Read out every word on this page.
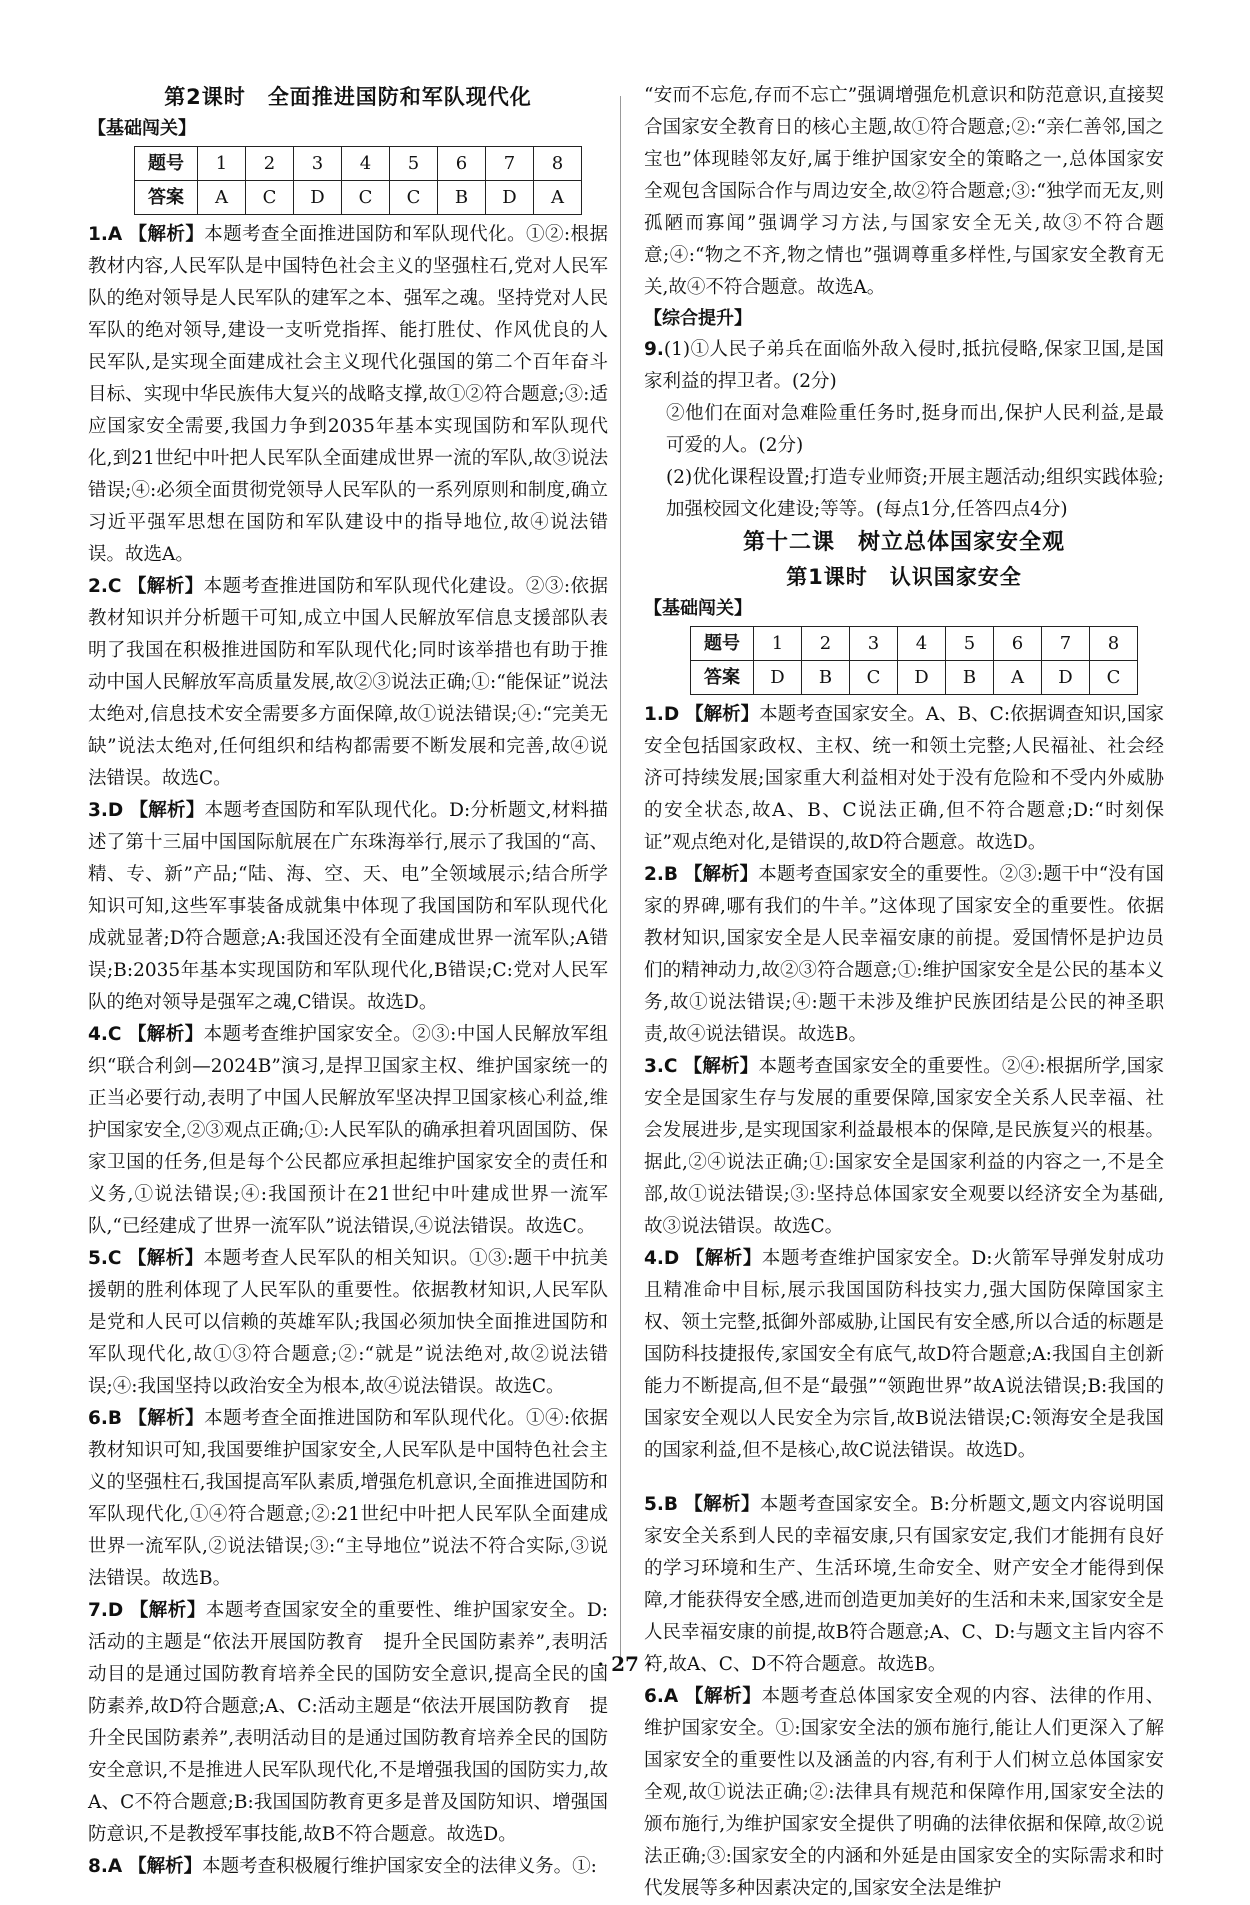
第2课时　全面推进国防和军队现代化

【基础闯关】

题号	1	2	3	4	5	6	7	8
答案	A	C	D	C	C	B	D	A

1.A 【解析】本题考查全面推进国防和军队现代化。①②:根据教材内容,人民军队是中国特色社会主义的坚强柱石,党对人民军队的绝对领导是人民军队的建军之本、强军之魂。坚持党对人民军队的绝对领导,建设一支听党指挥、能打胜仗、作风优良的人民军队,是实现全面建成社会主义现代化强国的第二个百年奋斗目标、实现中华民族伟大复兴的战略支撑,故①②符合题意;③:适应国家安全需要,我国力争到2035年基本实现国防和军队现代化,到21世纪中叶把人民军队全面建成世界一流的军队,故③说法错误;④:必须全面贯彻党领导人民军队的一系列原则和制度,确立习近平强军思想在国防和军队建设中的指导地位,故④说法错误。故选A。

2.C 【解析】本题考查推进国防和军队现代化建设。②③:依据教材知识并分析题干可知,成立中国人民解放军信息支援部队表明了我国在积极推进国防和军队现代化;同时该举措也有助于推动中国人民解放军高质量发展,故②③说法正确;①:“能保证”说法太绝对,信息技术安全需要多方面保障,故①说法错误;④:“完美无缺”说法太绝对,任何组织和结构都需要不断发展和完善,故④说法错误。故选C。

3.D 【解析】本题考查国防和军队现代化。D:分析题文,材料描述了第十三届中国国际航展在广东珠海举行,展示了我国的“高、精、专、新”产品;“陆、海、空、天、电”全领域展示;结合所学知识可知,这些军事装备成就集中体现了我国国防和军队现代化成就显著;D符合题意;A:我国还没有全面建成世界一流军队;A错误;B:2035年基本实现国防和军队现代化,B错误;C:党对人民军队的绝对领导是强军之魂,C错误。故选D。

4.C 【解析】本题考查维护国家安全。②③:中国人民解放军组织“联合利剑—2024B”演习,是捍卫国家主权、维护国家统一的正当必要行动,表明了中国人民解放军坚决捍卫国家核心利益,维护国家安全,②③观点正确;①:人民军队的确承担着巩固国防、保家卫国的任务,但是每个公民都应承担起维护国家安全的责任和义务,①说法错误;④:我国预计在21世纪中叶建成世界一流军队,“已经建成了世界一流军队”说法错误,④说法错误。故选C。

5.C 【解析】本题考查人民军队的相关知识。①③:题干中抗美援朝的胜利体现了人民军队的重要性。依据教材知识,人民军队是党和人民可以信赖的英雄军队;我国必须加快全面推进国防和军队现代化,故①③符合题意;②:“就是”说法绝对,故②说法错误;④:我国坚持以政治安全为根本,故④说法错误。故选C。

6.B 【解析】本题考查全面推进国防和军队现代化。①④:依据教材知识可知,我国要维护国家安全,人民军队是中国特色社会主义的坚强柱石,我国提高军队素质,增强危机意识,全面推进国防和军队现代化,①④符合题意;②:21世纪中叶把人民军队全面建成世界一流军队,②说法错误;③:“主导地位”说法不符合实际,③说法错误。故选B。

7.D 【解析】本题考查国家安全的重要性、维护国家安全。D:活动的主题是“依法开展国防教育　提升全民国防素养”,表明活动目的是通过国防教育培养全民的国防安全意识,提高全民的国防素养,故D符合题意;A、C:活动主题是“依法开展国防教育　提升全民国防素养”,表明活动目的是通过国防教育培养全民的国防安全意识,不是推进人民军队现代化,不是增强我国的国防实力,故A、C不符合题意;B:我国国防教育更多是普及国防知识、增强国防意识,不是教授军事技能,故B不符合题意。故选D。

8.A 【解析】本题考查积极履行维护国家安全的法律义务。①:

“安而不忘危,存而不忘亡”强调增强危机意识和防范意识,直接契合国家安全教育日的核心主题,故①符合题意;②:“亲仁善邻,国之宝也”体现睦邻友好,属于维护国家安全的策略之一,总体国家安全观包含国际合作与周边安全,故②符合题意;③:“独学而无友,则孤陋而寡闻”强调学习方法,与国家安全无关,故③不符合题意;④:“物之不齐,物之情也”强调尊重多样性,与国家安全教育无关,故④不符合题意。故选A。

【综合提升】

9.(1)①人民子弟兵在面临外敌入侵时,抵抗侵略,保家卫国,是国家利益的捍卫者。(2分)

②他们在面对急难险重任务时,挺身而出,保护人民利益,是最可爱的人。(2分)

(2)优化课程设置;打造专业师资;开展主题活动;组织实践体验;加强校园文化建设;等等。(每点1分,任答四点4分)

第十二课　树立总体国家安全观

第1课时　认识国家安全

【基础闯关】

题号	1	2	3	4	5	6	7	8
答案	D	B	C	D	B	A	D	C

1.D 【解析】本题考查国家安全。A、B、C:依据调查知识,国家安全包括国家政权、主权、统一和领土完整;人民福祉、社会经济可持续发展;国家重大利益相对处于没有危险和不受内外威胁的安全状态,故A、B、C说法正确,但不符合题意;D:“时刻保证”观点绝对化,是错误的,故D符合题意。故选D。

2.B 【解析】本题考查国家安全的重要性。②③:题干中“没有国家的界碑,哪有我们的牛羊。”这体现了国家安全的重要性。依据教材知识,国家安全是人民幸福安康的前提。爱国情怀是护边员们的精神动力,故②③符合题意;①:维护国家安全是公民的基本义务,故①说法错误;④:题干未涉及维护民族团结是公民的神圣职责,故④说法错误。故选B。

3.C 【解析】本题考查国家安全的重要性。②④:根据所学,国家安全是国家生存与发展的重要保障,国家安全关系人民幸福、社会发展进步,是实现国家利益最根本的保障,是民族复兴的根基。据此,②④说法正确;①:国家安全是国家利益的内容之一,不是全部,故①说法错误;③:坚持总体国家安全观要以经济安全为基础,故③说法错误。故选C。

4.D 【解析】本题考查维护国家安全。D:火箭军导弹发射成功且精准命中目标,展示我国国防科技实力,强大国防保障国家主权、领土完整,抵御外部威胁,让国民有安全感,所以合适的标题是国防科技捷报传,家国安全有底气,故D符合题意;A:我国自主创新能力不断提高,但不是“最强”“领跑世界”故A说法错误;B:我国的国家安全观以人民安全为宗旨,故B说法错误;C:领海安全是我国的国家利益,但不是核心,故C说法错误。故选D。

5.B 【解析】本题考查国家安全。B:分析题文,题文内容说明国家安全关系到人民的幸福安康,只有国家安定,我们才能拥有良好的学习环境和生产、生活环境,生命安全、财产安全才能得到保障,才能获得安全感,进而创造更加美好的生活和未来,国家安全是人民幸福安康的前提,故B符合题意;A、C、D:与题文主旨内容不符,故A、C、D不符合题意。故选B。

6.A 【解析】本题考查总体国家安全观的内容、法律的作用、维护国家安全。①:国家安全法的颁布施行,能让人们更深入了解国家安全的重要性以及涵盖的内容,有利于人们树立总体国家安全观,故①说法正确;②:法律具有规范和保障作用,国家安全法的颁布施行,为维护国家安全提供了明确的法律依据和保障,故②说法正确;③:国家安全的内涵和外延是由国家安全的实际需求和时代发展等多种因素决定的,国家安全法是维护

· 27 ·
